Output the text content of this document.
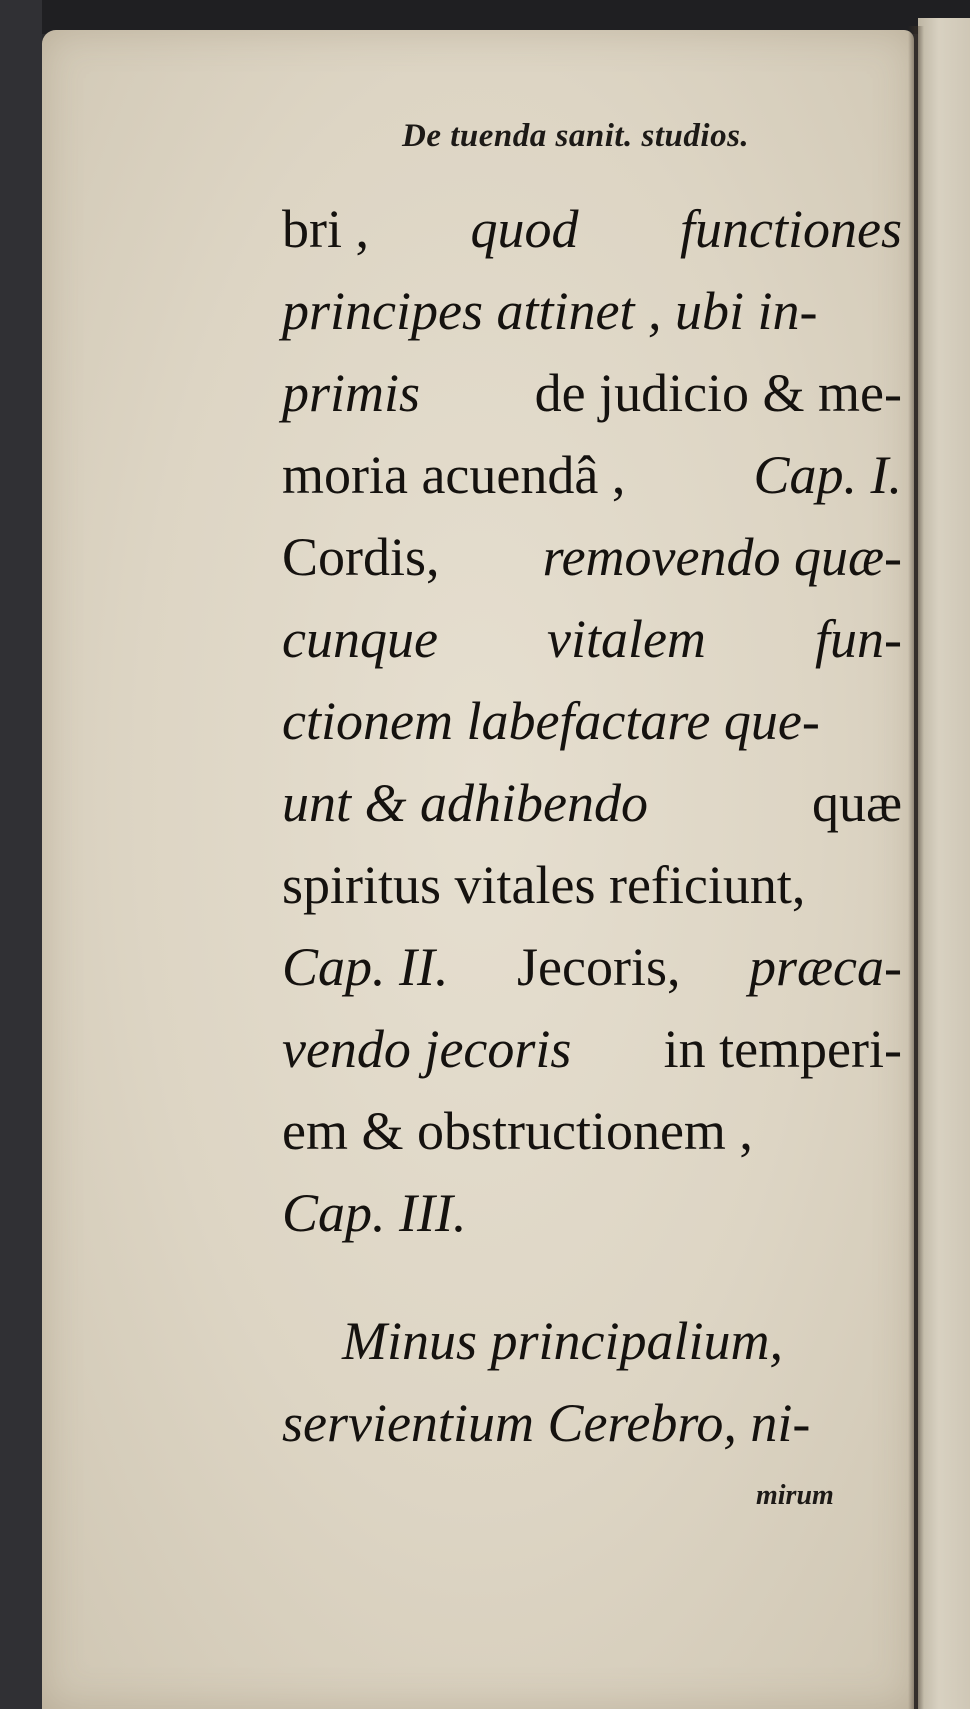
De tuenda sanit. studios.
bri , quod functiones
principes attinet , ubi in-
primis de judicio & me-
moria acuendâ , Cap. I.
Cordis, removendo quæ-
cunque vitalem fun-
ctionem labefactare que-
unt & adhibendo	quæ
spiritus vitales reficiunt,
Cap. II. Jecoris, præca-
vendo jecoris in temperi-
em & obstructionem ,
Cap. III.
Minus principalium,
servientium Cerebro, ni-
mirum
